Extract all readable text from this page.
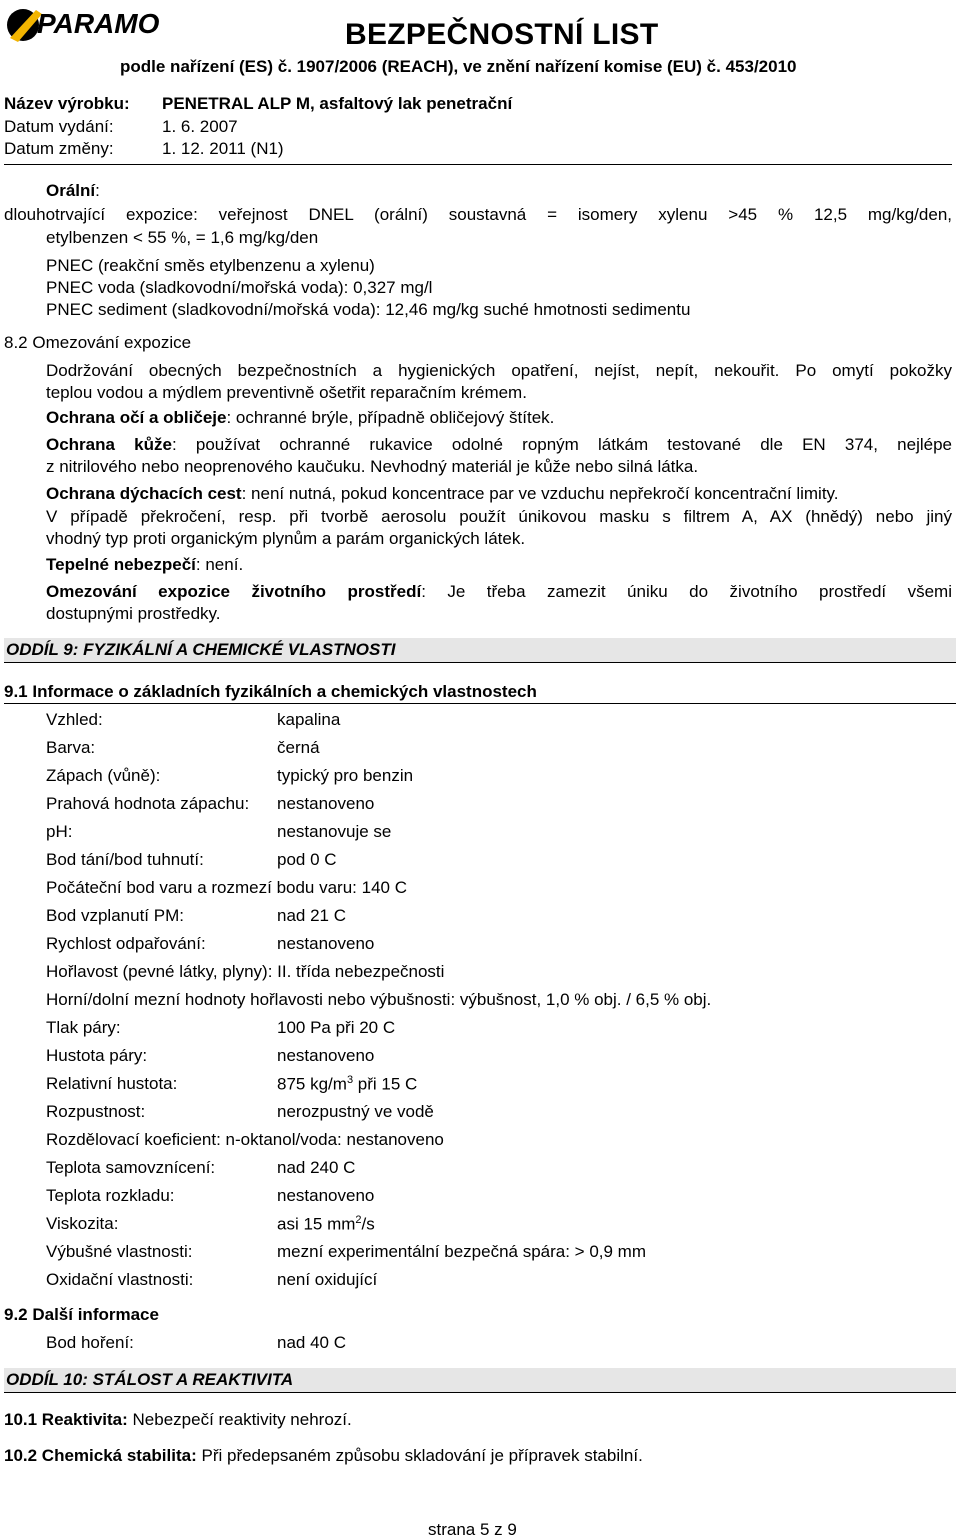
PARAMO	BEZPEČNOSTNÍ LIST
podle nařízení (ES) č. 1907/2006 (REACH), ve znění nařízení komise (EU) č. 453/2010
Název výrobku: PENETRAL ALP M, asfaltový lak penetrační
Datum vydání:	1. 6. 2007
Datum změny:	1. 12. 2011 (N1)
Orální:
dlouhotrvající expozice: veřejnost DNEL (orální) soustavná = isomery xylenu >45 % 12,5 mg/kg/den,
etylbenzen < 55 %, = 1,6 mg/kg/den
PNEC (reakční směs etylbenzenu a xylenu)
PNEC voda (sladkovodní/mořská voda): 0,327 mg/l
PNEC sediment (sladkovodní/mořská voda): 12,46 mg/kg suché hmotnosti sedimentu
8.2 Omezování expozice
Dodržování obecných bezpečnostních a hygienických opatření, nejíst, nepít, nekouřit. Po omytí pokožky
teplou vodou a mýdlem preventivně ošetřit reparačním krémem.
Ochrana očí a obličeje: ochranné brýle, případně obličejový štítek.
Ochrana kůže: používat ochranné rukavice odolné ropným látkám testované dle EN 374, nejlépe
z nitrilového nebo neoprenového kaučuku. Nevhodný materiál je kůže nebo silná látka.
Ochrana dýchacích cest: není nutná, pokud koncentrace par ve vzduchu nepřekročí koncentrační limity.
V případě překročení, resp. při tvorbě aerosolu použít únikovou masku s filtrem A, AX (hnědý) nebo jiný
vhodný typ proti organickým plynům a parám organických látek.
Tepelné nebezpečí: není.
Omezování expozice životního prostředí: Je třeba zamezit úniku do životního prostředí všemi
dostupnými prostředky.
ODDÍL 9: FYZIKÁLNÍ A CHEMICKÉ VLASTNOSTI
9.1 Informace o základních fyzikálních a chemických vlastnostech
Vzhled:	kapalina
Barva:	černá
Zápach (vůně):	typický pro benzin
Prahová hodnota zápachu: nestanoveno
pH:	nestanovuje se
Bod tání/bod tuhnutí:	pod 0 C
Počáteční bod varu a rozmezí bodu varu: 140 C
Bod vzplanutí PM:	nad 21 C
Rychlost odpařování:	nestanoveno
Hořlavost (pevné látky, plyny): II. třída nebezpečnosti
Horní/dolní mezní hodnoty hořlavosti nebo výbušnosti: výbušnost, 1,0 % obj. / 6,5 % obj.
Tlak páry:	100 Pa při 20 C
Hustota páry:	nestanoveno
Relativní hustota:	875 $kg/m^3$ při 15 C
Rozpustnost:	nerozpustný ve vodě
Rozdělovací koeficient: n-oktanol/voda: nestanoveno
Teplota samovznícení:	nad 240 C
Teplota rozkladu:	nestanoveno
Viskozita:	asi 15 $mm^2/s$
Výbušné vlastnosti:	mezní experimentální bezpečná spára: > 0,9 mm
Oxidační vlastnosti:	není oxidující
9.2 Další informace
Bod hoření:	nad 40 C
ODDÍL 10: STÁLOST A REAKTIVITA
10.1 Reaktivita: Nebezpečí reaktivity nehrozí.
10.2 Chemická stabilita: Při předepsaném způsobu skladování je přípravek stabilní.
strana 5 z 9
